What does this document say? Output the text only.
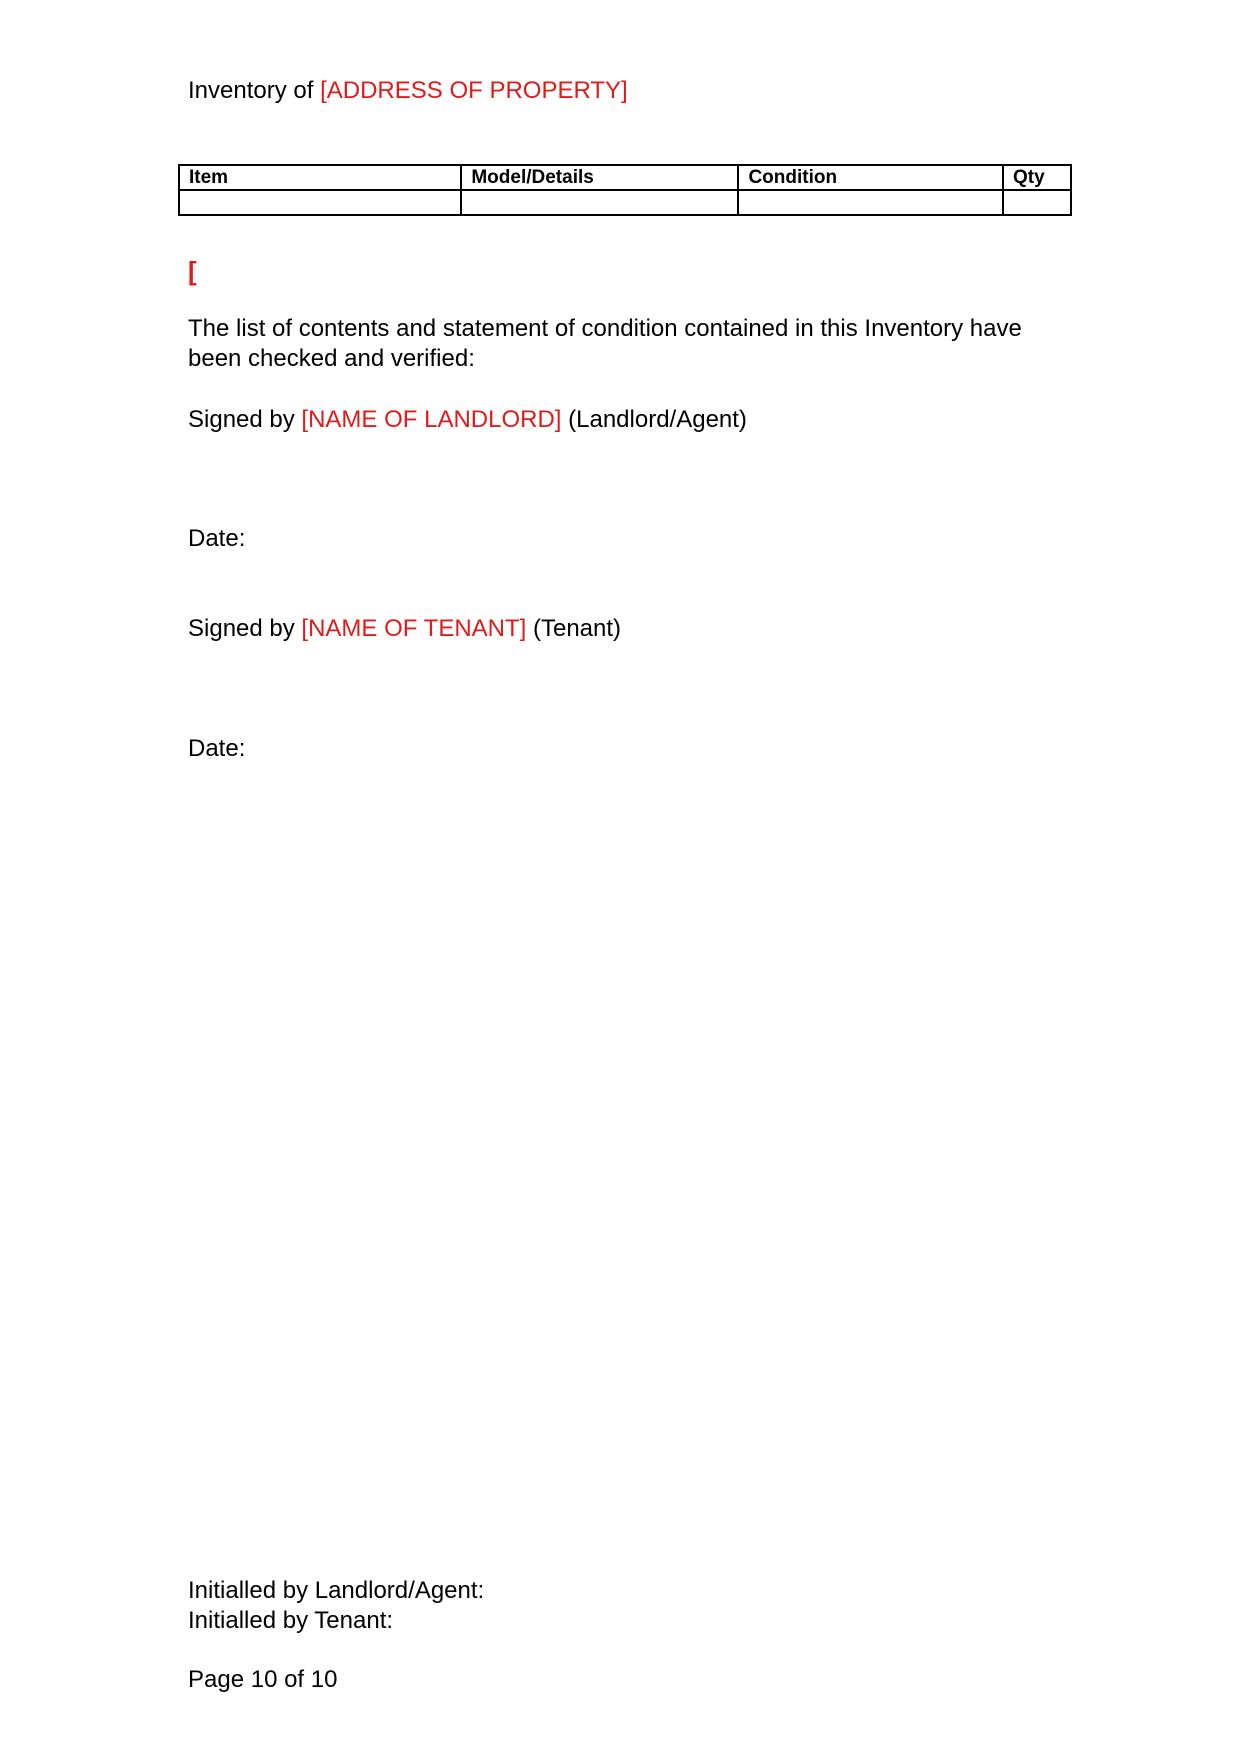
Inventory of [ADDRESS OF PROPERTY]
Item	Model/Details	Condition	Qty

[

The list of contents and statement of condition contained in this Inventory have been checked and verified:

Signed by [NAME OF LANDLORD] (Landlord/Agent)
Date:
Signed by [NAME OF TENANT] (Tenant)
Date:
Initialled by Landlord/Agent:
Initialled by Tenant:
Page 10 of 10
